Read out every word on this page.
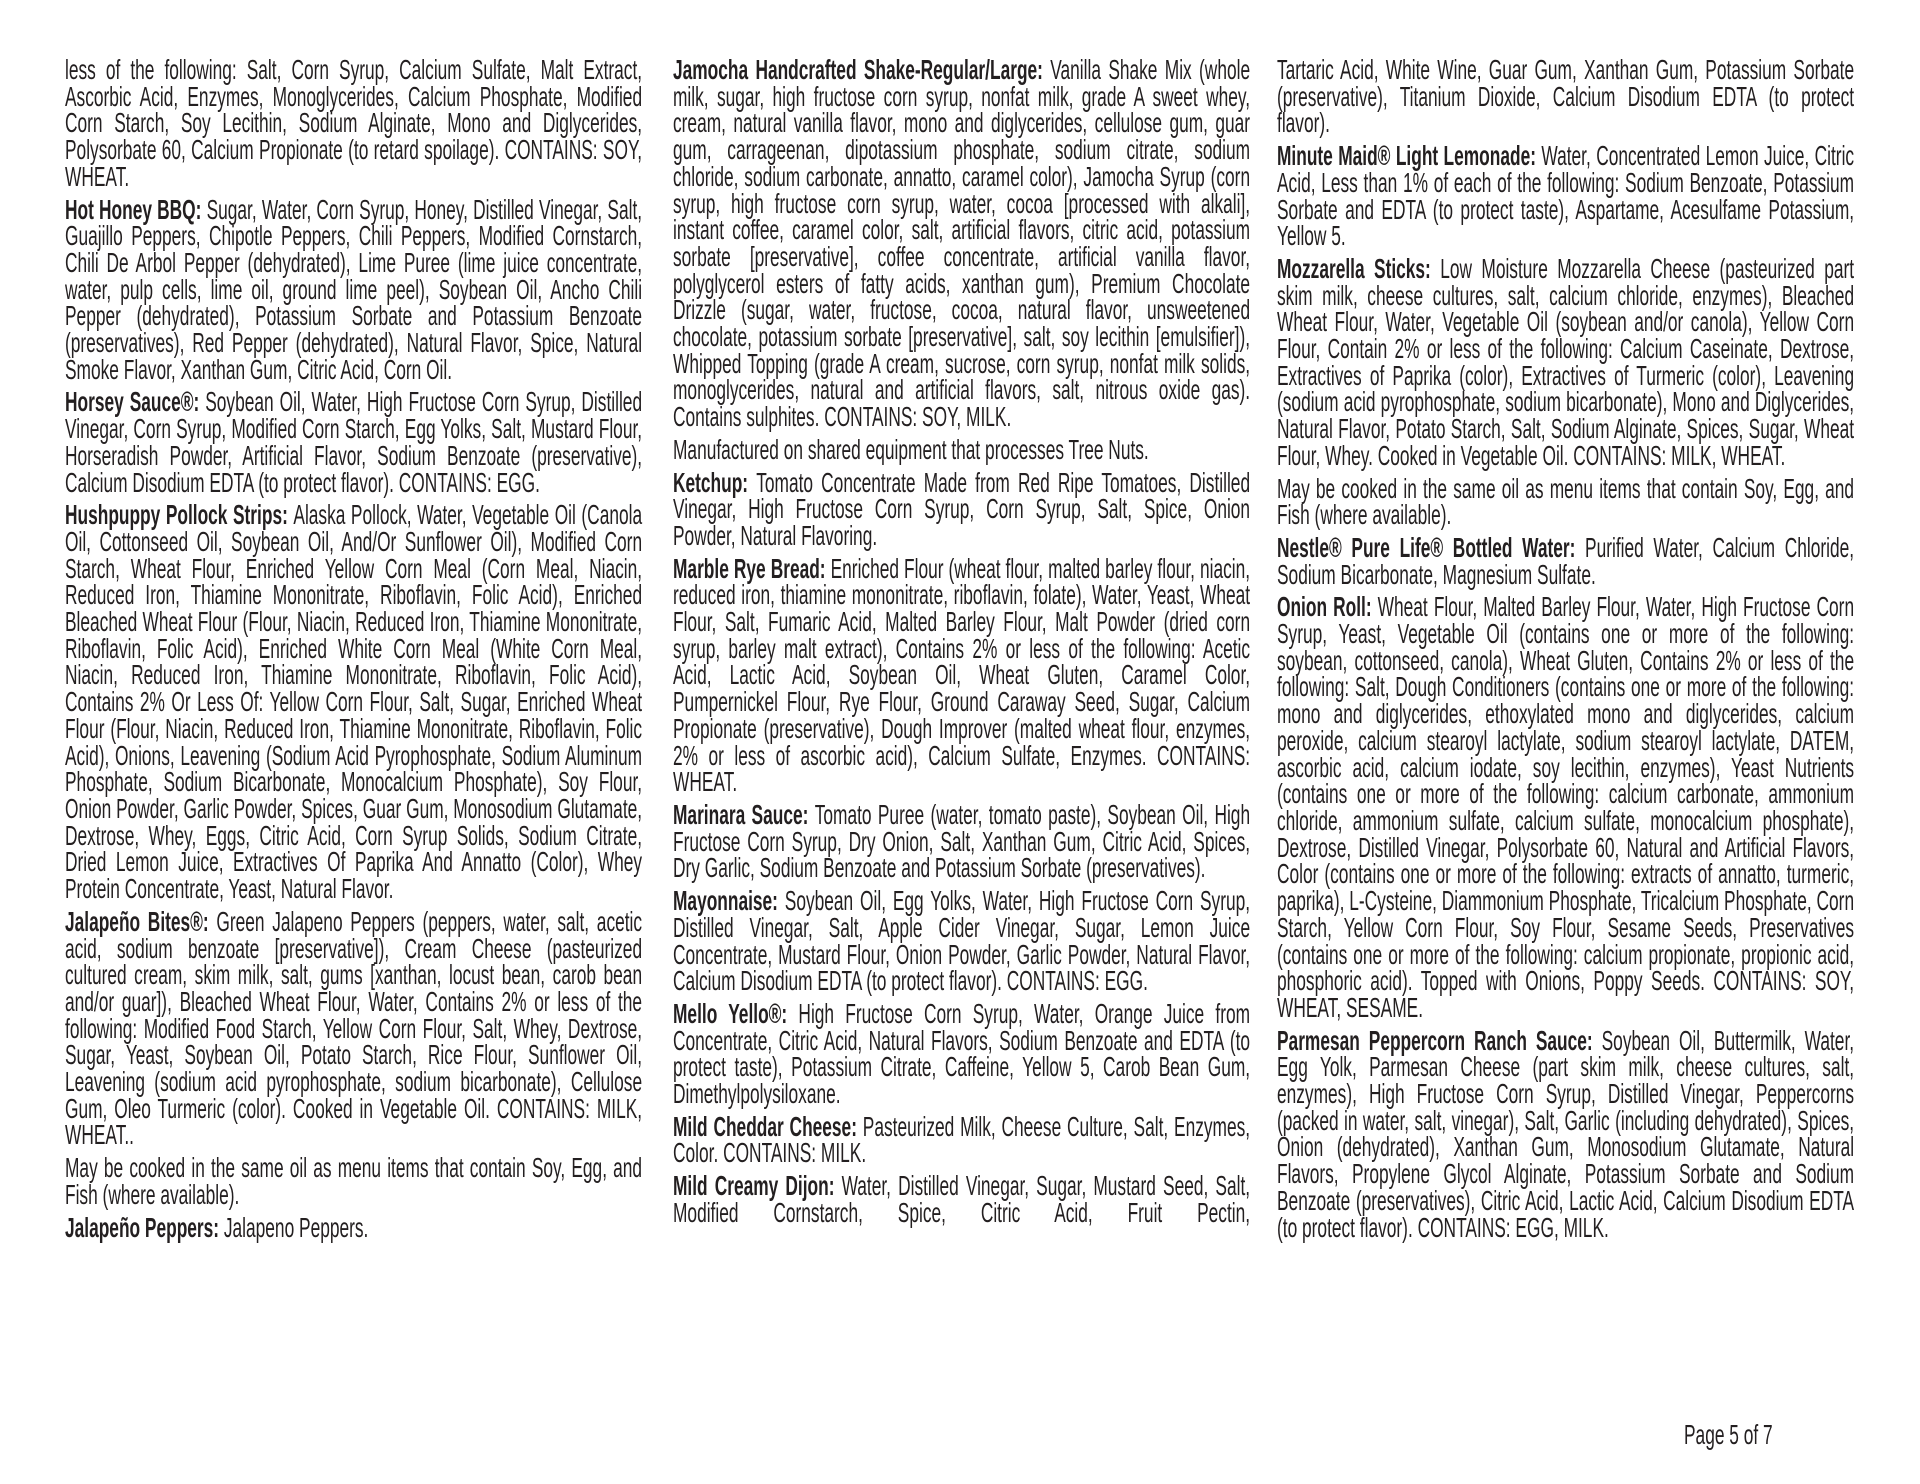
less of the following: Salt, Corn Syrup, Calcium Sulfate, Malt Extract, Ascorbic Acid, Enzymes, Monoglycerides, Calcium Phosphate, Modified Corn Starch, Soy Lecithin, Sodium Alginate, Mono and Diglycerides, Polysorbate 60, Calcium Propionate (to retard spoilage). CONTAINS: SOY, WHEAT.

Hot Honey BBQ: Sugar, Water, Corn Syrup, Honey, Distilled Vinegar, Salt, Guajillo Peppers, Chipotle Peppers, Chili Peppers, Modified Cornstarch, Chili De Arbol Pepper (dehydrated), Lime Puree (lime juice concentrate, water, pulp cells, lime oil, ground lime peel), Soybean Oil, Ancho Chili Pepper (dehydrated), Potassium Sorbate and Potassium Benzoate (preservatives), Red Pepper (dehydrated), Natural Flavor, Spice, Natural Smoke Flavor, Xanthan Gum, Citric Acid, Corn Oil.

Horsey Sauce®: Soybean Oil, Water, High Fructose Corn Syrup, Distilled Vinegar, Corn Syrup, Modified Corn Starch, Egg Yolks, Salt, Mustard Flour, Horseradish Powder, Artificial Flavor, Sodium Benzoate (preservative), Calcium Disodium EDTA (to protect flavor). CONTAINS: EGG.

Hushpuppy Pollock Strips: Alaska Pollock, Water, Vegetable Oil (Canola Oil, Cottonseed Oil, Soybean Oil, And/Or Sunflower Oil), Modified Corn Starch, Wheat Flour, Enriched Yellow Corn Meal (Corn Meal, Niacin, Reduced Iron, Thiamine Mononitrate, Riboflavin, Folic Acid), Enriched Bleached Wheat Flour (Flour, Niacin, Reduced Iron, Thiamine Mononitrate, Riboflavin, Folic Acid), Enriched White Corn Meal (White Corn Meal, Niacin, Reduced Iron, Thiamine Mononitrate, Riboflavin, Folic Acid), Contains 2% Or Less Of: Yellow Corn Flour, Salt, Sugar, Enriched Wheat Flour (Flour, Niacin, Reduced Iron, Thiamine Mononitrate, Riboflavin, Folic Acid), Onions, Leavening (Sodium Acid Pyrophosphate, Sodium Aluminum Phosphate, Sodium Bicarbonate, Monocalcium Phosphate), Soy Flour, Onion Powder, Garlic Powder, Spices, Guar Gum, Monosodium Glutamate, Dextrose, Whey, Eggs, Citric Acid, Corn Syrup Solids, Sodium Citrate, Dried Lemon Juice, Extractives Of Paprika And Annatto (Color), Whey Protein Concentrate, Yeast, Natural Flavor.

Jalapeño Bites®: Green Jalapeno Peppers (peppers, water, salt, acetic acid, sodium benzoate [preservative]), Cream Cheese (pasteurized cultured cream, skim milk, salt, gums [xanthan, locust bean, carob bean and/or guar]), Bleached Wheat Flour, Water, Contains 2% or less of the following: Modified Food Starch, Yellow Corn Flour, Salt, Whey, Dextrose, Sugar, Yeast, Soybean Oil, Potato Starch, Rice Flour, Sunflower Oil, Leavening (sodium acid pyrophosphate, sodium bicarbonate), Cellulose Gum, Oleo Turmeric (color). Cooked in Vegetable Oil. CONTAINS: MILK, WHEAT..

May be cooked in the same oil as menu items that contain Soy, Egg, and Fish (where available).

Jalapeño Peppers: Jalapeno Peppers.

Jamocha Handcrafted Shake-Regular/Large: Vanilla Shake Mix (whole milk, sugar, high fructose corn syrup, nonfat milk, grade A sweet whey, cream, natural vanilla flavor, mono and diglycerides, cellulose gum, guar gum, carrageenan, dipotassium phosphate, sodium citrate, sodium chloride, sodium carbonate, annatto, caramel color), Jamocha Syrup (corn syrup, high fructose corn syrup, water, cocoa [processed with alkali], instant coffee, caramel color, salt, artificial flavors, citric acid, potassium sorbate [preservative], coffee concentrate, artificial vanilla flavor, polyglycerol esters of fatty acids, xanthan gum), Premium Chocolate Drizzle (sugar, water, fructose, cocoa, natural flavor, unsweetened chocolate, potassium sorbate [preservative], salt, soy lecithin [emulsifier]), Whipped Topping (grade A cream, sucrose, corn syrup, nonfat milk solids, monoglycerides, natural and artificial flavors, salt, nitrous oxide gas). Contains sulphites. CONTAINS: SOY, MILK.

Manufactured on shared equipment that processes Tree Nuts.

Ketchup: Tomato Concentrate Made from Red Ripe Tomatoes, Distilled Vinegar, High Fructose Corn Syrup, Corn Syrup, Salt, Spice, Onion Powder, Natural Flavoring.

Marble Rye Bread: Enriched Flour (wheat flour, malted barley flour, niacin, reduced iron, thiamine mononitrate, riboflavin, folate), Water, Yeast, Wheat Flour, Salt, Fumaric Acid, Malted Barley Flour, Malt Powder (dried corn syrup, barley malt extract), Contains 2% or less of the following: Acetic Acid, Lactic Acid, Soybean Oil, Wheat Gluten, Caramel Color, Pumpernickel Flour, Rye Flour, Ground Caraway Seed, Sugar, Calcium Propionate (preservative), Dough Improver (malted wheat flour, enzymes, 2% or less of ascorbic acid), Calcium Sulfate, Enzymes. CONTAINS: WHEAT.

Marinara Sauce: Tomato Puree (water, tomato paste), Soybean Oil, High Fructose Corn Syrup, Dry Onion, Salt, Xanthan Gum, Citric Acid, Spices, Dry Garlic, Sodium Benzoate and Potassium Sorbate (preservatives).

Mayonnaise: Soybean Oil, Egg Yolks, Water, High Fructose Corn Syrup, Distilled Vinegar, Salt, Apple Cider Vinegar, Sugar, Lemon Juice Concentrate, Mustard Flour, Onion Powder, Garlic Powder, Natural Flavor, Calcium Disodium EDTA (to protect flavor). CONTAINS: EGG.

Mello Yello®: High Fructose Corn Syrup, Water, Orange Juice from Concentrate, Citric Acid, Natural Flavors, Sodium Benzoate and EDTA (to protect taste), Potassium Citrate, Caffeine, Yellow 5, Carob Bean Gum, Dimethylpolysiloxane.

Mild Cheddar Cheese: Pasteurized Milk, Cheese Culture, Salt, Enzymes, Color. CONTAINS: MILK.

Mild Creamy Dijon: Water, Distilled Vinegar, Sugar, Mustard Seed, Salt, Modified Cornstarch, Spice, Citric Acid, Fruit Pectin,

Tartaric Acid, White Wine, Guar Gum, Xanthan Gum, Potassium Sorbate (preservative), Titanium Dioxide, Calcium Disodium EDTA (to protect flavor).

Minute Maid® Light Lemonade: Water, Concentrated Lemon Juice, Citric Acid, Less than 1% of each of the following: Sodium Benzoate, Potassium Sorbate and EDTA (to protect taste), Aspartame, Acesulfame Potassium, Yellow 5.

Mozzarella Sticks: Low Moisture Mozzarella Cheese (pasteurized part skim milk, cheese cultures, salt, calcium chloride, enzymes), Bleached Wheat Flour, Water, Vegetable Oil (soybean and/or canola), Yellow Corn Flour, Contain 2% or less of the following: Calcium Caseinate, Dextrose, Extractives of Paprika (color), Extractives of Turmeric (color), Leavening (sodium acid pyrophosphate, sodium bicarbonate), Mono and Diglycerides, Natural Flavor, Potato Starch, Salt, Sodium Alginate, Spices, Sugar, Wheat Flour, Whey. Cooked in Vegetable Oil. CONTAINS: MILK, WHEAT.

May be cooked in the same oil as menu items that contain Soy, Egg, and Fish (where available).

Nestle® Pure Life® Bottled Water: Purified Water, Calcium Chloride, Sodium Bicarbonate, Magnesium Sulfate.

Onion Roll: Wheat Flour, Malted Barley Flour, Water, High Fructose Corn Syrup, Yeast, Vegetable Oil (contains one or more of the following: soybean, cottonseed, canola), Wheat Gluten, Contains 2% or less of the following: Salt, Dough Conditioners (contains one or more of the following: mono and diglycerides, ethoxylated mono and diglycerides, calcium peroxide, calcium stearoyl lactylate, sodium stearoyl lactylate, DATEM, ascorbic acid, calcium iodate, soy lecithin, enzymes), Yeast Nutrients (contains one or more of the following: calcium carbonate, ammonium chloride, ammonium sulfate, calcium sulfate, monocalcium phosphate), Dextrose, Distilled Vinegar, Polysorbate 60, Natural and Artificial Flavors, Color (contains one or more of the following: extracts of annatto, turmeric, paprika), L-Cysteine, Diammonium Phosphate, Tricalcium Phosphate, Corn Starch, Yellow Corn Flour, Soy Flour, Sesame Seeds, Preservatives (contains one or more of the following: calcium propionate, propionic acid, phosphoric acid). Topped with Onions, Poppy Seeds. CONTAINS: SOY, WHEAT, SESAME.

Parmesan Peppercorn Ranch Sauce: Soybean Oil, Buttermilk, Water, Egg Yolk, Parmesan Cheese (part skim milk, cheese cultures, salt, enzymes), High Fructose Corn Syrup, Distilled Vinegar, Peppercorns (packed in water, salt, vinegar), Salt, Garlic (including dehydrated), Spices, Onion (dehydrated), Xanthan Gum, Monosodium Glutamate, Natural Flavors, Propylene Glycol Alginate, Potassium Sorbate and Sodium Benzoate (preservatives), Citric Acid, Lactic Acid, Calcium Disodium EDTA (to protect flavor). CONTAINS: EGG, MILK.

Page 5 of 7
